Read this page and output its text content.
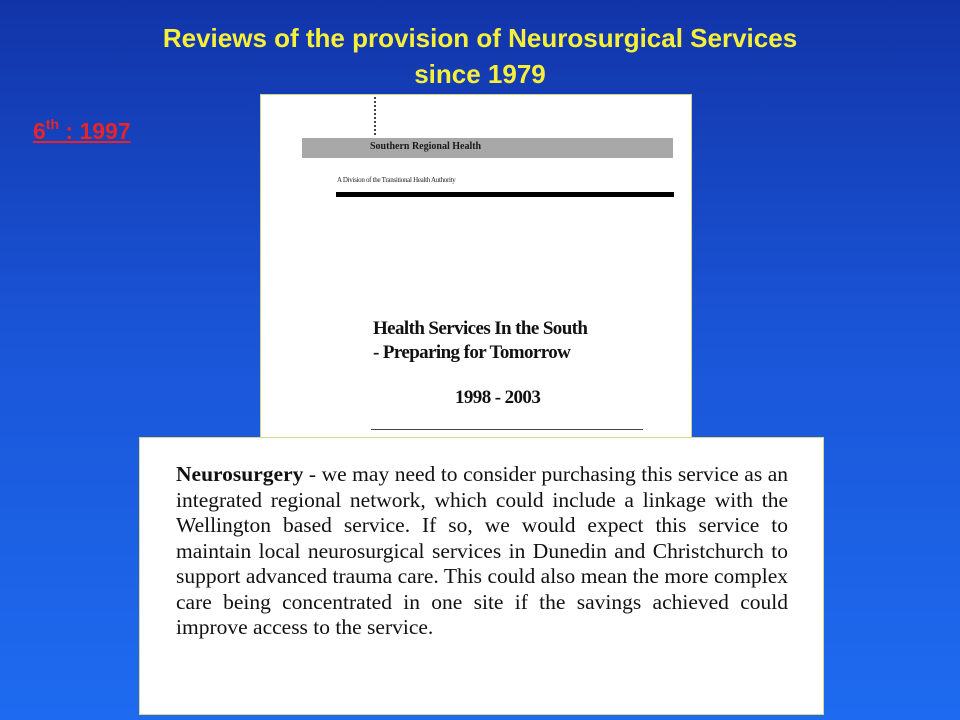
Reviews of the provision of Neurosurgical Services
since 1979
6th : 1997
Southern Regional Health
A Division of the Transitional Health Authority
Health Services In the South
- Preparing for Tomorrow
1998 - 2003
Neurosurgery - we may need to consider purchasing this service as an integrated regional network, which could include a linkage with the Wellington based service. If so, we would expect this service to maintain local neurosurgical services in Dunedin and Christchurch to support advanced trauma care. This could also mean the more complex care being concentrated in one site if the savings achieved could improve access to the service.
